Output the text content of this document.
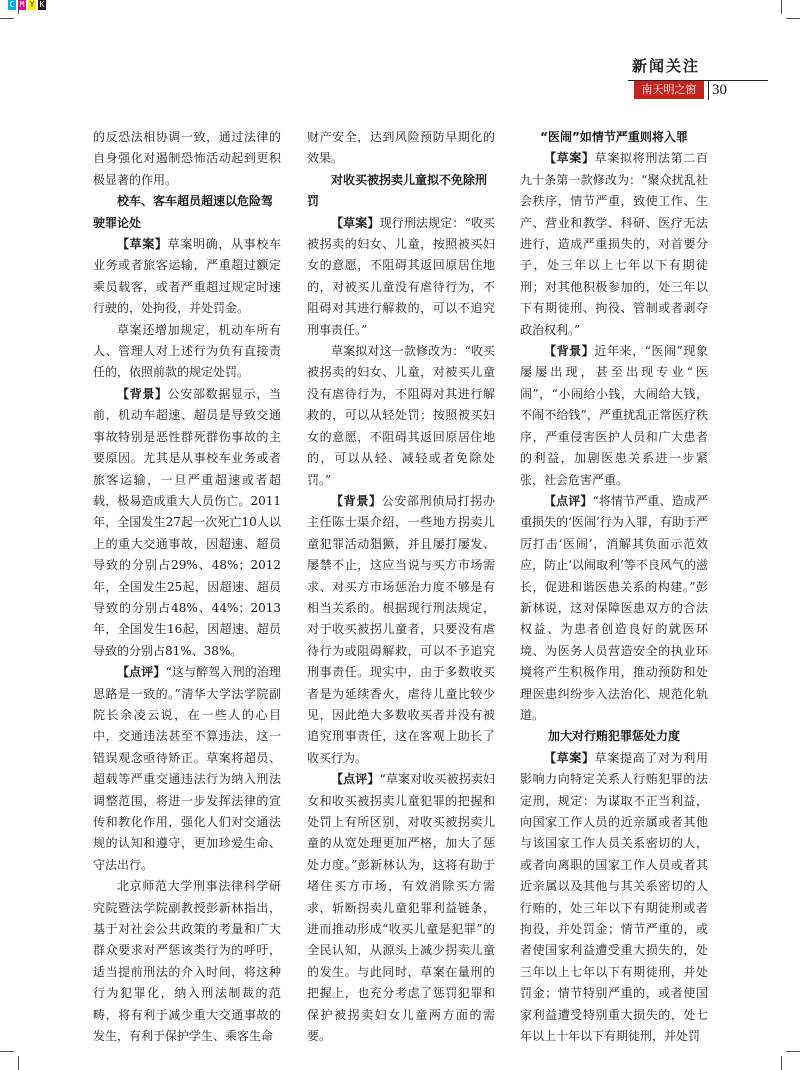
C M Y K
新闻关注
南天明之窗	30

的反恐法相协调一致，通过法律的自身强化对遏制恐怖活动起到更积极显著的作用。

校车、客车超员超速以危险驾驶罪论处

【草案】草案明确，从事校车业务或者旅客运输，严重超过额定乘员载客，或者严重超过规定时速行驶的，处拘役，并处罚金。

草案还增加规定，机动车所有人、管理人对上述行为负有直接责任的，依照前款的规定处罚。

【背景】公安部数据显示，当前，机动车超速、超员是导致交通事故特别是恶性群死群伤事故的主要原因。尤其是从事校车业务或者旅客运输，一旦严重超速或者超载，极易造成重大人员伤亡。2011年，全国发生27起一次死亡10人以上的重大交通事故，因超速、超员导致的分别占29%、48%；2012年，全国发生25起，因超速、超员导致的分别占48%、44%；2013年，全国发生16起，因超速、超员导致的分别占81%、38%。

【点评】“这与醉驾入刑的治理思路是一致的。”清华大学法学院副院长余凌云说，在一些人的心目中，交通违法甚至不算违法，这一错误观念亟待矫正。草案将超员、超载等严重交通违法行为纳入刑法调整范围，将进一步发挥法律的宣传和教化作用，强化人们对交通法规的认知和遵守，更加珍爱生命、守法出行。

北京师范大学刑事法律科学研究院暨法学院副教授彭新林指出，基于对社会公共政策的考量和广大群众要求对严惩该类行为的呼吁，适当提前刑法的介入时间，将这种行为犯罪化，纳入刑法制裁的范畴，将有利于减少重大交通事故的发生，有利于保护学生、乘客生命

财产安全，达到风险预防早期化的效果。

对收买被拐卖儿童拟不免除刑罚

【草案】现行刑法规定：“收买被拐卖的妇女、儿童，按照被买妇女的意愿，不阻碍其返回原居住地的，对被买儿童没有虐待行为，不阻碍对其进行解救的，可以不追究刑事责任。”

草案拟对这一款修改为：“收买被拐卖的妇女、儿童，对被买儿童没有虐待行为，不阻碍对其进行解救的，可以从轻处罚；按照被买妇女的意愿，不阻碍其返回原居住地的，可以从轻、减轻或者免除处罚。”

【背景】公安部刑侦局打拐办主任陈士渠介绍，一些地方拐卖儿童犯罪活动猖獗，并且屡打屡发、屡禁不止，这应当说与买方市场需求、对买方市场惩治力度不够是有相当关系的。根据现行刑法规定，对于收买被拐儿童者，只要没有虐待行为或阻碍解救，可以不予追究刑事责任。现实中，由于多数收买者是为延续香火，虐待儿童比较少见，因此绝大多数收买者并没有被追究刑事责任，这在客观上助长了收买行为。

【点评】“草案对收买被拐卖妇女和收买被拐卖儿童犯罪的把握和处罚上有所区别，对收买被拐卖儿童的从宽处理更加严格，加大了惩处力度。”彭新林认为，这将有助于堵住买方市场，有效消除买方需求，斩断拐卖儿童犯罪利益链条，进而推动形成“收买儿童是犯罪”的全民认知，从源头上减少拐卖儿童的发生。与此同时，草案在量刑的把握上，也充分考虑了惩罚犯罪和保护被拐卖妇女儿童两方面的需要。

“医闹”如情节严重则将入罪

【草案】草案拟将刑法第二百九十条第一款修改为：“聚众扰乱社会秩序，情节严重，致使工作、生产、营业和教学、科研、医疗无法进行，造成严重损失的，对首要分子，处三年以上七年以下有期徒刑；对其他积极参加的，处三年以下有期徒刑、拘役、管制或者剥夺政治权利。”

【背景】近年来，“医闹”现象屡屡出现，甚至出现专业“医闹”，“小闹给小钱，大闹给大钱，不闹不给钱”，严重扰乱正常医疗秩序，严重侵害医护人员和广大患者的利益，加剧医患关系进一步紧张，社会危害严重。

【点评】“将情节严重、造成严重损失的‘医闹’行为入罪，有助于严厉打击‘医闹’，消解其负面示范效应，防止‘以闹取利’等不良风气的滋长，促进和谐医患关系的构建。”彭新林说，这对保障医患双方的合法权益、为患者创造良好的就医环境、为医务人员营造安全的执业环境将产生积极作用，推动预防和处理医患纠纷步入法治化、规范化轨道。

加大对行贿犯罪惩处力度

【草案】草案提高了对为利用影响力向特定关系人行贿犯罪的法定刑，规定：为谋取不正当利益，向国家工作人员的近亲属或者其他与该国家工作人员关系密切的人，或者向离职的国家工作人员或者其近亲属以及其他与其关系密切的人行贿的，处三年以下有期徒刑或者拘役，并处罚金；情节严重的，或者使国家利益遭受重大损失的，处三年以上七年以下有期徒刑，并处罚金；情节特别严重的，或者使国家利益遭受特别重大损失的，处七年以上十年以下有期徒刑，并处罚
